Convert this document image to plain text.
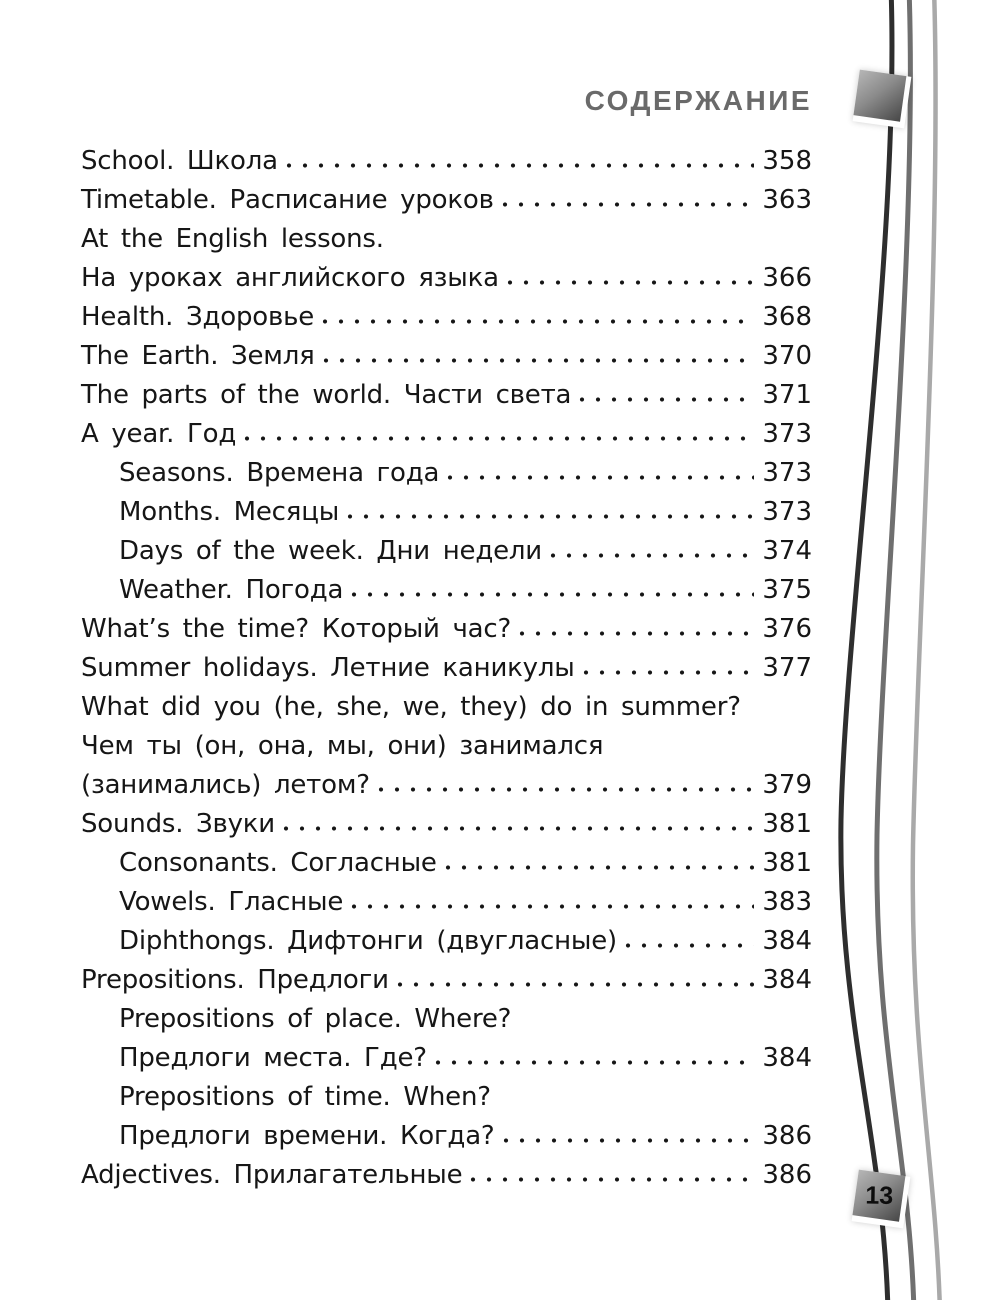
СОДЕРЖАНИЕ
School. Школа	358
Timetable. Расписание уроков	363
At the English lessons.
На уроках английского языка	366
Health. Здоровье	368
The Earth. Земля	370
The parts of the world. Части света	371
A year. Год	373
Seasons. Времена года	373
Months. Месяцы	373
Days of the week. Дни недели	374
Weather. Погода	375
What’s the time? Который час?	376
Summer holidays. Летние каникулы	377
What did you (he, she, we, they) do in summer?
Чем ты (он, она, мы, они) занимался
(занимались) летом?	379
Sounds. Звуки	381
Consonants. Согласные	381
Vowels. Гласные	383
Diphthongs. Дифтонги (двугласные)	384
Prepositions. Предлоги	384
Prepositions of place. Where?
Предлоги места. Где?	384
Prepositions of time. When?
Предлоги времени. Когда?	386
Adjectives. Прилагательные	386
13
